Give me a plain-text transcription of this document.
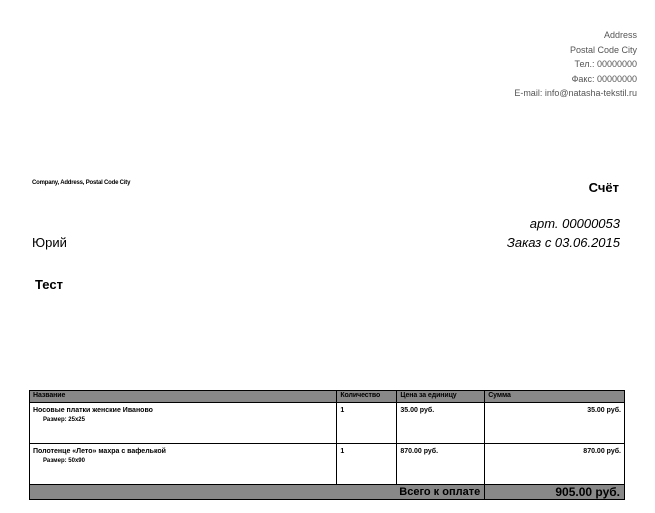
Address
Postal Code City
Тел.: 00000000
Факс: 00000000
E-mail: info@natasha-tekstil.ru
Company, Address, Postal Code City	Счёт
арт. 00000053
Заказ с 03.06.2015
Юрий
Тест
Название	Количество	Цена за единицу	Сумма

Носовые платки женские Иваново
Размер: 25х25	1	35.00 руб.	35.00 руб.

Полотенце «Лето» махра с вафелькой
Размер: 50х90	1	870.00 руб.	870.00 руб.

Всего к оплате			905.00 руб.
